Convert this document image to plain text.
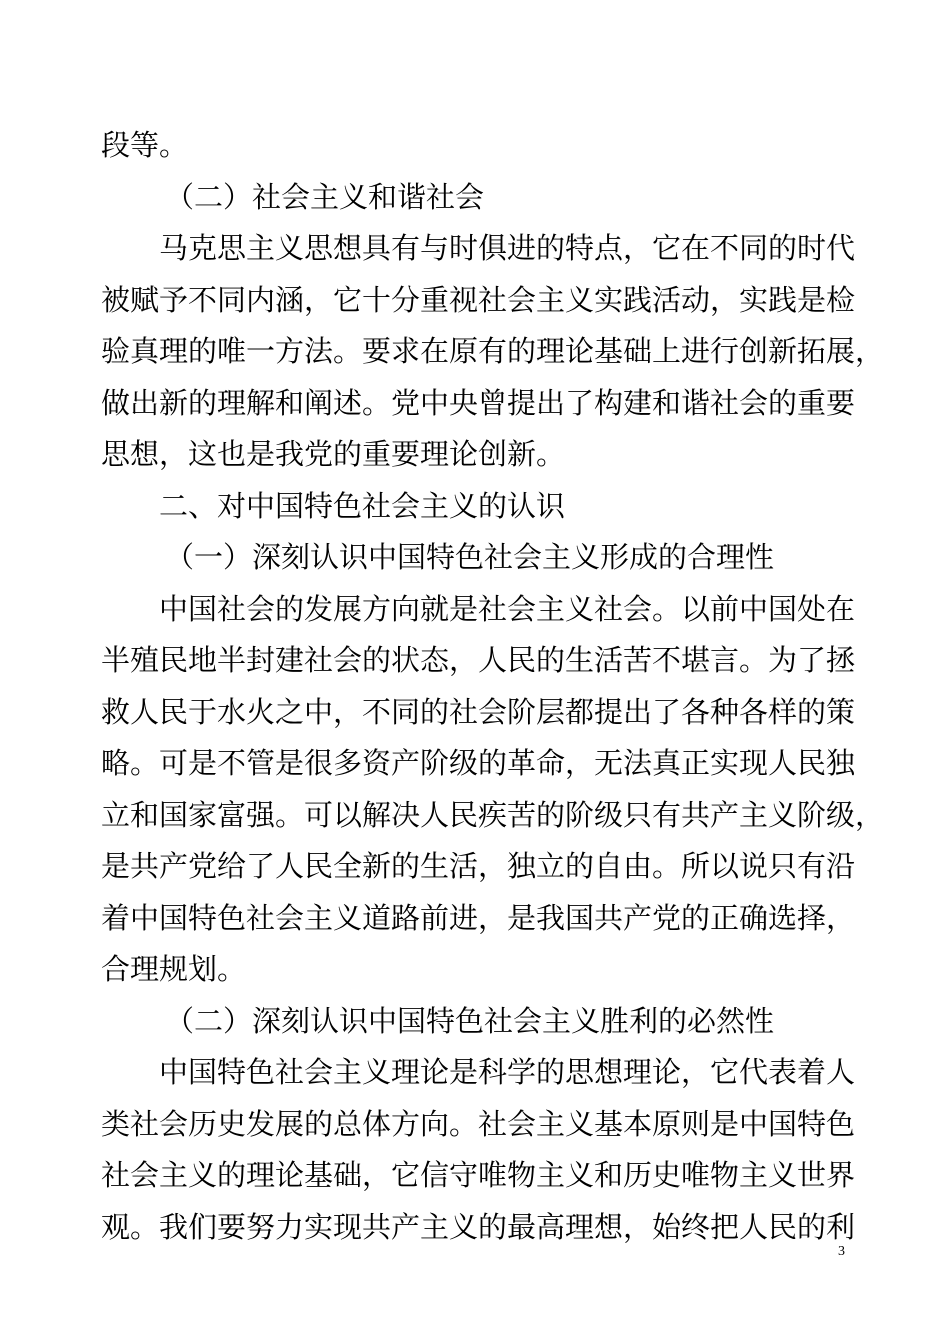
段等。
（二）社会主义和谐社会
马克思主义思想具有与时俱进的特点，它在不同的时代
被赋予不同内涵，它十分重视社会主义实践活动，实践是检
验真理的唯一方法。要求在原有的理论基础上进行创新拓展，
做出新的理解和阐述。党中央曾提出了构建和谐社会的重要
思想，这也是我党的重要理论创新。
二、对中国特色社会主义的认识
（一）深刻认识中国特色社会主义形成的合理性
中国社会的发展方向就是社会主义社会。以前中国处在
半殖民地半封建社会的状态，人民的生活苦不堪言。为了拯
救人民于水火之中，不同的社会阶层都提出了各种各样的策
略。可是不管是很多资产阶级的革命，无法真正实现人民独
立和国家富强。可以解决人民疾苦的阶级只有共产主义阶级，
是共产党给了人民全新的生活，独立的自由。所以说只有沿
着中国特色社会主义道路前进，是我国共产党的正确选择，
合理规划。
（二）深刻认识中国特色社会主义胜利的必然性
中国特色社会主义理论是科学的思想理论，它代表着人
类社会历史发展的总体方向。社会主义基本原则是中国特色
社会主义的理论基础，它信守唯物主义和历史唯物主义世界
观。我们要努力实现共产主义的最高理想，始终把人民的利
3
